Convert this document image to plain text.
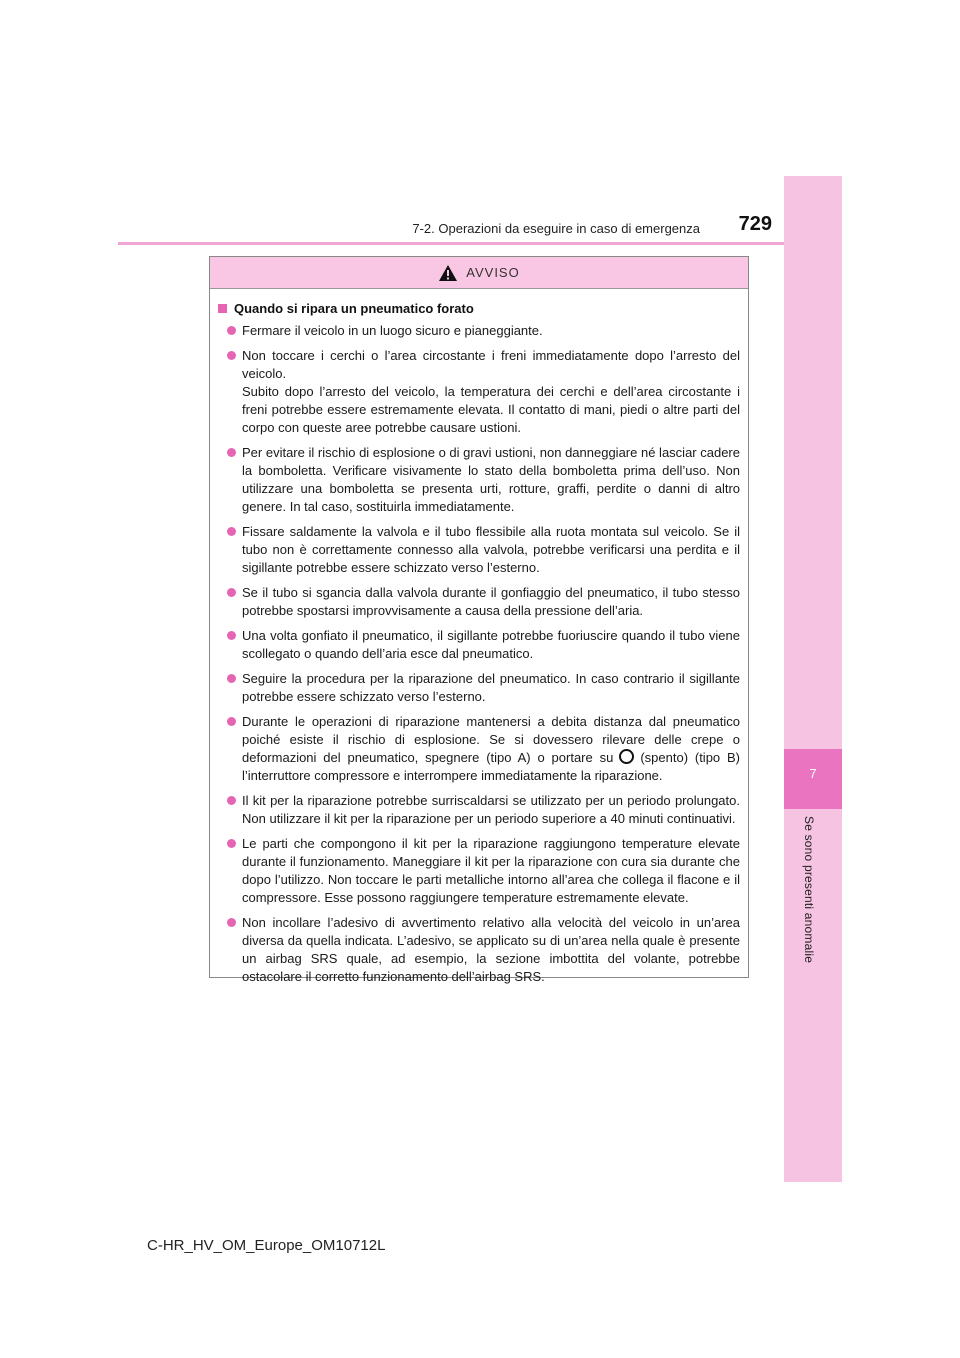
7-2. Operazioni da eseguire in caso di emergenza	729
7
Se sono presenti anomalie
AVVISO
Quando si ripara un pneumatico forato

Fermare il veicolo in un luogo sicuro e pianeggiante.

Non toccare i cerchi o l’area circostante i freni immediatamente dopo l’arresto del veicolo.

Subito dopo l’arresto del veicolo, la temperatura dei cerchi e dell’area circostante i freni potrebbe essere estremamente elevata. Il contatto di mani, piedi o altre parti del corpo con queste aree potrebbe causare ustioni.

Per evitare il rischio di esplosione o di gravi ustioni, non danneggiare né lasciar cadere la bomboletta. Verificare visivamente lo stato della bomboletta prima dell’uso. Non utilizzare una bomboletta se presenta urti, rotture, graffi, perdite o danni di altro genere. In tal caso, sostituirla immediatamente.

Fissare saldamente la valvola e il tubo flessibile alla ruota montata sul veicolo. Se il tubo non è correttamente connesso alla valvola, potrebbe verificarsi una perdita e il sigillante potrebbe essere schizzato verso l’esterno.

Se il tubo si sgancia dalla valvola durante il gonfiaggio del pneumatico, il tubo stesso potrebbe spostarsi improvvisamente a causa della pressione dell’aria.

Una volta gonfiato il pneumatico, il sigillante potrebbe fuoriuscire quando il tubo viene scollegato o quando dell’aria esce dal pneumatico.

Seguire la procedura per la riparazione del pneumatico. In caso contrario il sigillante potrebbe essere schizzato verso l’esterno.

Durante le operazioni di riparazione mantenersi a debita distanza dal pneumatico poiché esiste il rischio di esplosione. Se si dovessero rilevare delle crepe o deformazioni del pneumatico, spegnere (tipo A) o portare su (spento) (tipo B) l’interruttore compressore e interrompere immediatamente la riparazione.

Il kit per la riparazione potrebbe surriscaldarsi se utilizzato per un periodo prolungato. Non utilizzare il kit per la riparazione per un periodo superiore a 40 minuti continuativi.

Le parti che compongono il kit per la riparazione raggiungono temperature elevate durante il funzionamento. Maneggiare il kit per la riparazione con cura sia durante che dopo l’utilizzo. Non toccare le parti metalliche intorno all’area che collega il flacone e il compressore. Esse possono raggiungere temperature estremamente elevate.

Non incollare l’adesivo di avvertimento relativo alla velocità del veicolo in un’area diversa da quella indicata. L’adesivo, se applicato su di un’area nella quale è presente un airbag SRS quale, ad esempio, la sezione imbottita del volante, potrebbe ostacolare il corretto funzionamento dell’airbag SRS.

C-HR_HV_OM_Europe_OM10712L
